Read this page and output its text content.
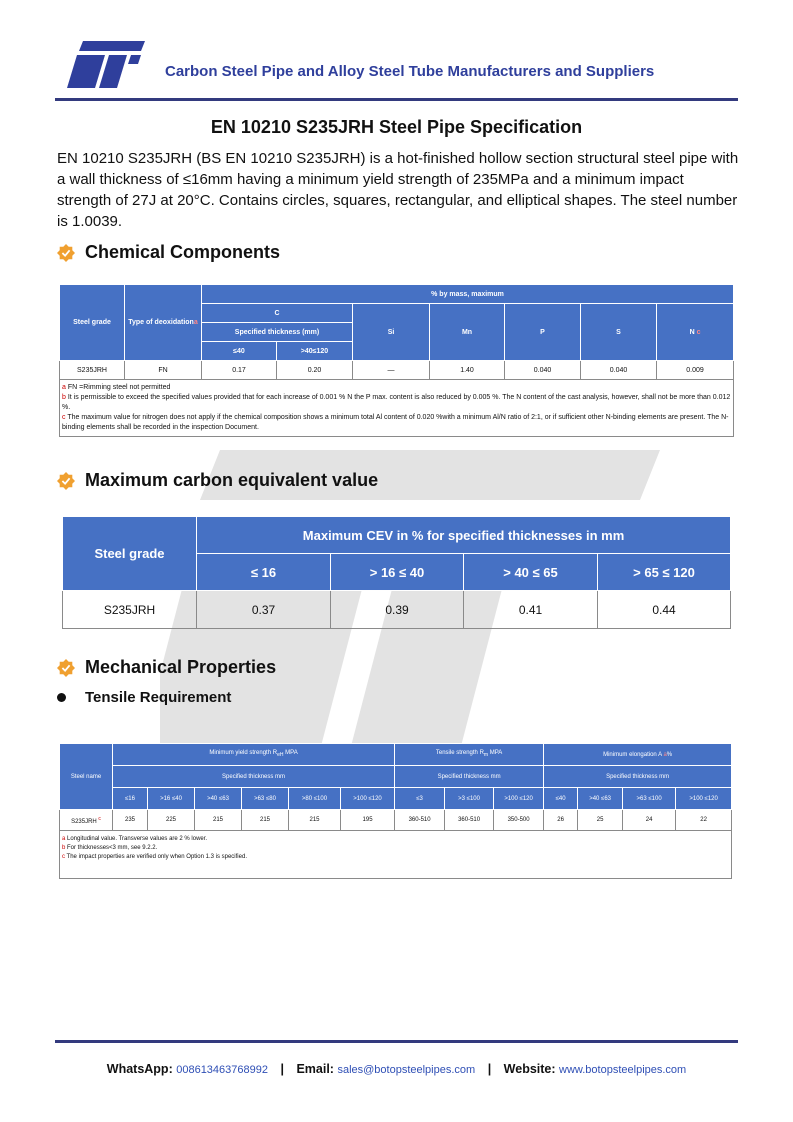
Carbon Steel Pipe and Alloy Steel Tube Manufacturers and Suppliers
EN 10210 S235JRH Steel Pipe Specification
EN 10210 S235JRH (BS EN 10210 S235JRH) is a hot-finished hollow section structural steel pipe with a wall thickness of ≤16mm having a minimum yield strength of 235MPa and a minimum impact strength of 27J at 20°C. Contains circles, squares, rectangular, and elliptical shapes. The steel number is 1.0039.
Chemical Components
Steel grade	Type of deoxidationa	% by mass, maximum						
		C		Si	Mn	P	S	N c
		Specified thickness (mm)						
		≤40	>40≤120					
S235JRH	FN	0.17	0.20	—	1.40	0.040	0.040	0.009

a FN =Rimming steel not permitted
b It is permissible to exceed the specified values provided that for each increase of 0.001 % N the P max. content is also reduced by 0.005 %. The N content of the cast analysis, however, shall not be more than 0.012 %.
c The maximum value for nitrogen does not apply if the chemical composition shows a minimum total Al content of 0.020 %with a minimum Al/N ratio of 2:1, or if sufficient other N-binding elements are present. The N-binding elements shall be recorded in the inspection Document.								
Maximum carbon equivalent value
Steel grade	Maximum CEV in % for specified thicknesses in mm			
	≤ 16	> 16 ≤ 40	> 40 ≤ 65	> 65 ≤ 120
S235JRH	0.37	0.39	0.41	0.44
Mechanical Properties
Tensile Requirement
Steel name	Minimum yield strength $R_{eH}$ MPA						Tensile strength $R_m$ MPA			Minimum elongation A a%			
	Specified thickness mm						Specified thickness mm			Specified thickness mm			
	≤16	>16 ≤40	>40 ≤63	>63 ≤80	>80 ≤100	>100 ≤120	≤3	>3 ≤100	>100 ≤120	≤40	>40 ≤63	>63 ≤100	>100 ≤120
S235JRH $^c$	235	225	215	215	215	195	360-510	360-510	350-500	26	25	24	22

a Longitudinal value. Transverse values are 2 % lower.
b For thicknesses<3 mm, see 9.2.2.
c The impact properties are verified only when Option 1.3 is specified.													
WhatsApp: 008613463768992 | Email: sales@botopsteelpipes.com | Website: www.botopsteelpipes.com
